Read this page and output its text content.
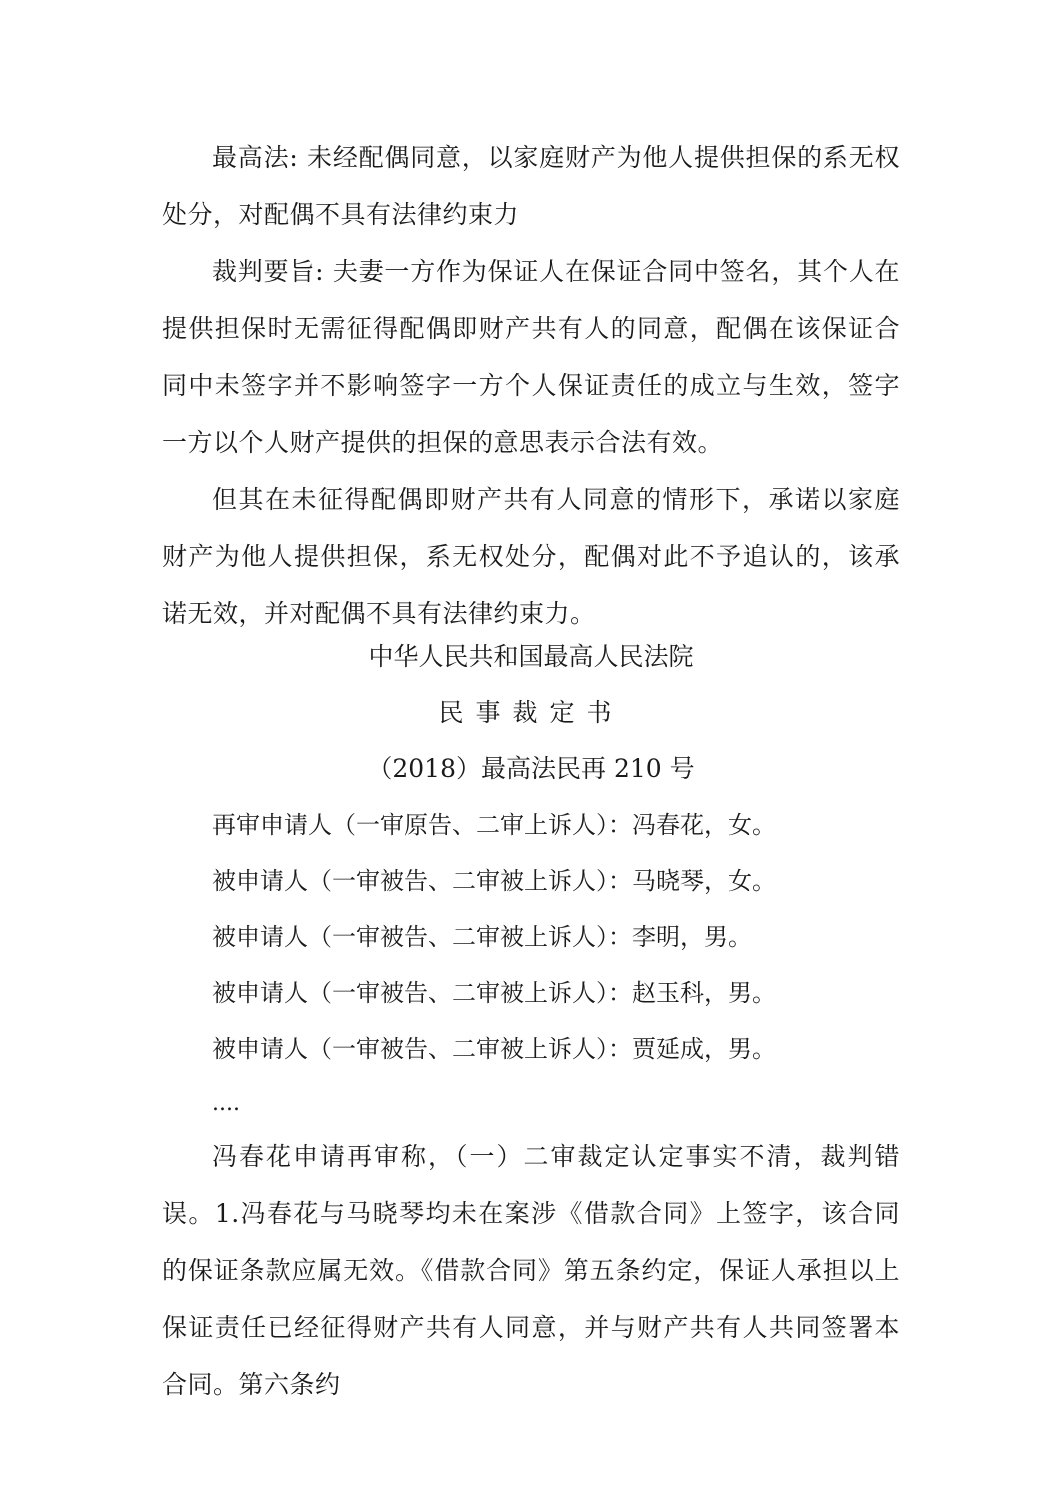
最高法: 未经配偶同意，以家庭财产为他人提供担保的系无权处分，对配偶不具有法律约束力

裁判要旨: 夫妻一方作为保证人在保证合同中签名，其个人在提供担保时无需征得配偶即财产共有人的同意，配偶在该保证合同中未签字并不影响签字一方个人保证责任的成立与生效，签字一方以个人财产提供的担保的意思表示合法有效。

但其在未征得配偶即财产共有人同意的情形下，承诺以家庭财产为他人提供担保，系无权处分，配偶对此不予追认的，该承诺无效，并对配偶不具有法律约束力。

中华人民共和国最高人民法院

民事裁定书

（2018）最高法民再 210 号

再审申请人（一审原告、二审上诉人）：冯春花，女。

被申请人（一审被告、二审被上诉人）：马晓琴，女。

被申请人（一审被告、二审被上诉人）：李明，男。

被申请人（一审被告、二审被上诉人）：赵玉科，男。

被申请人（一审被告、二审被上诉人）：贾延成，男。

....

冯春花申请再审称，（一）二审裁定认定事实不清，裁判错误。1.冯春花与马晓琴均未在案涉《借款合同》上签字，该合同的保证条款应属无效。《借款合同》第五条约定，保证人承担以上保证责任已经征得财产共有人同意，并与财产共有人共同签署本合同。第六条约
